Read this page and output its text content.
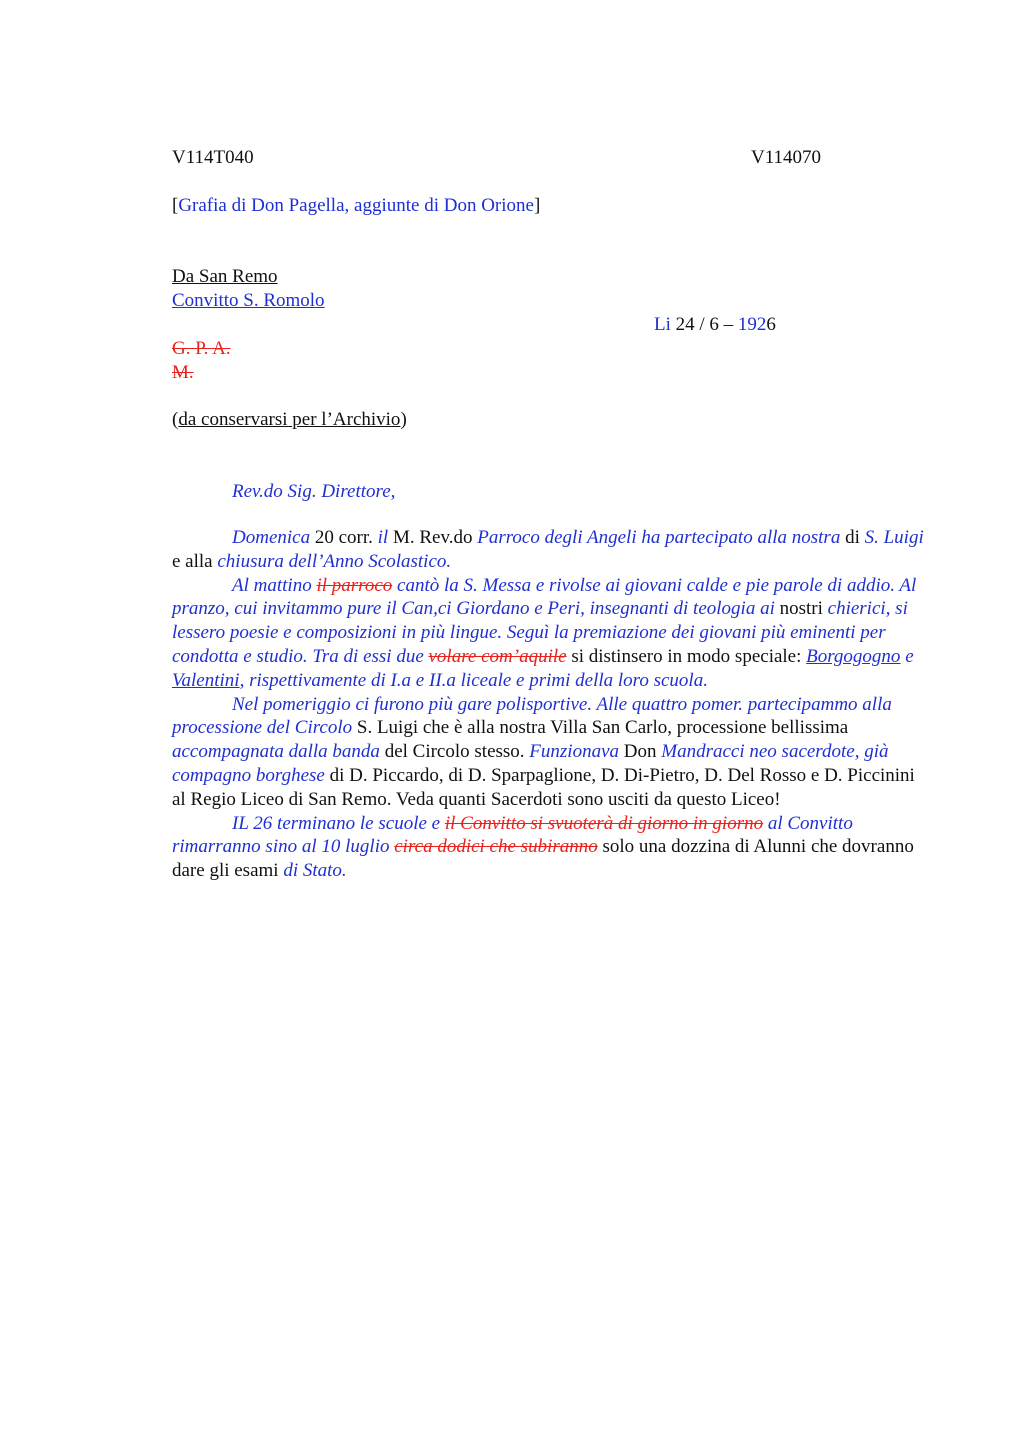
V114T040	V114070
[Grafia di Don Pagella, aggiunte di Don Orione]
Da San Remo
Convitto S. Romolo
Li 24 / 6 – 1926
G. P. A.
M.
(da conservarsi per l’Archivio)
Rev.do Sig. Direttore,

Domenica 20 corr. il M. Rev.do Parroco degli Angeli ha partecipato alla nostra di S. Luigi e alla chiusura dell’Anno Scolastico.

Al mattino il parroco cantò la S. Messa e rivolse ai giovani calde e pie parole di addio. Al pranzo, cui invitammo pure il Can,ci Giordano e Peri, insegnanti di teologia ai nostri chierici, si lessero poesie e composizioni in più lingue. Seguì la premiazione dei giovani più eminenti per condotta e studio. Tra di essi due volare com’aquile si distinsero in modo speciale: Borgogogno e Valentini, rispettivamente di I.a e II.a liceale e primi della loro scuola.

Nel pomeriggio ci furono più gare polisportive. Alle quattro pomer. partecipammo alla processione del Circolo S. Luigi che è alla nostra Villa San Carlo, processione bellissima accompagnata dalla banda del Circolo stesso. Funzionava Don Mandracci neo sacerdote, già compagno borghese di D. Piccardo, di D. Sparpaglione, D. Di-Pietro, D. Del Rosso e D. Piccinini al Regio Liceo di San Remo. Veda quanti Sacerdoti sono usciti da questo Liceo!

IL 26 terminano le scuole e il Convitto si svuoterà di giorno in giorno al Convitto rimarranno sino al 10 luglio circa dodici che subiranno solo una dozzina di Alunni che dovranno dare gli esami di Stato.
